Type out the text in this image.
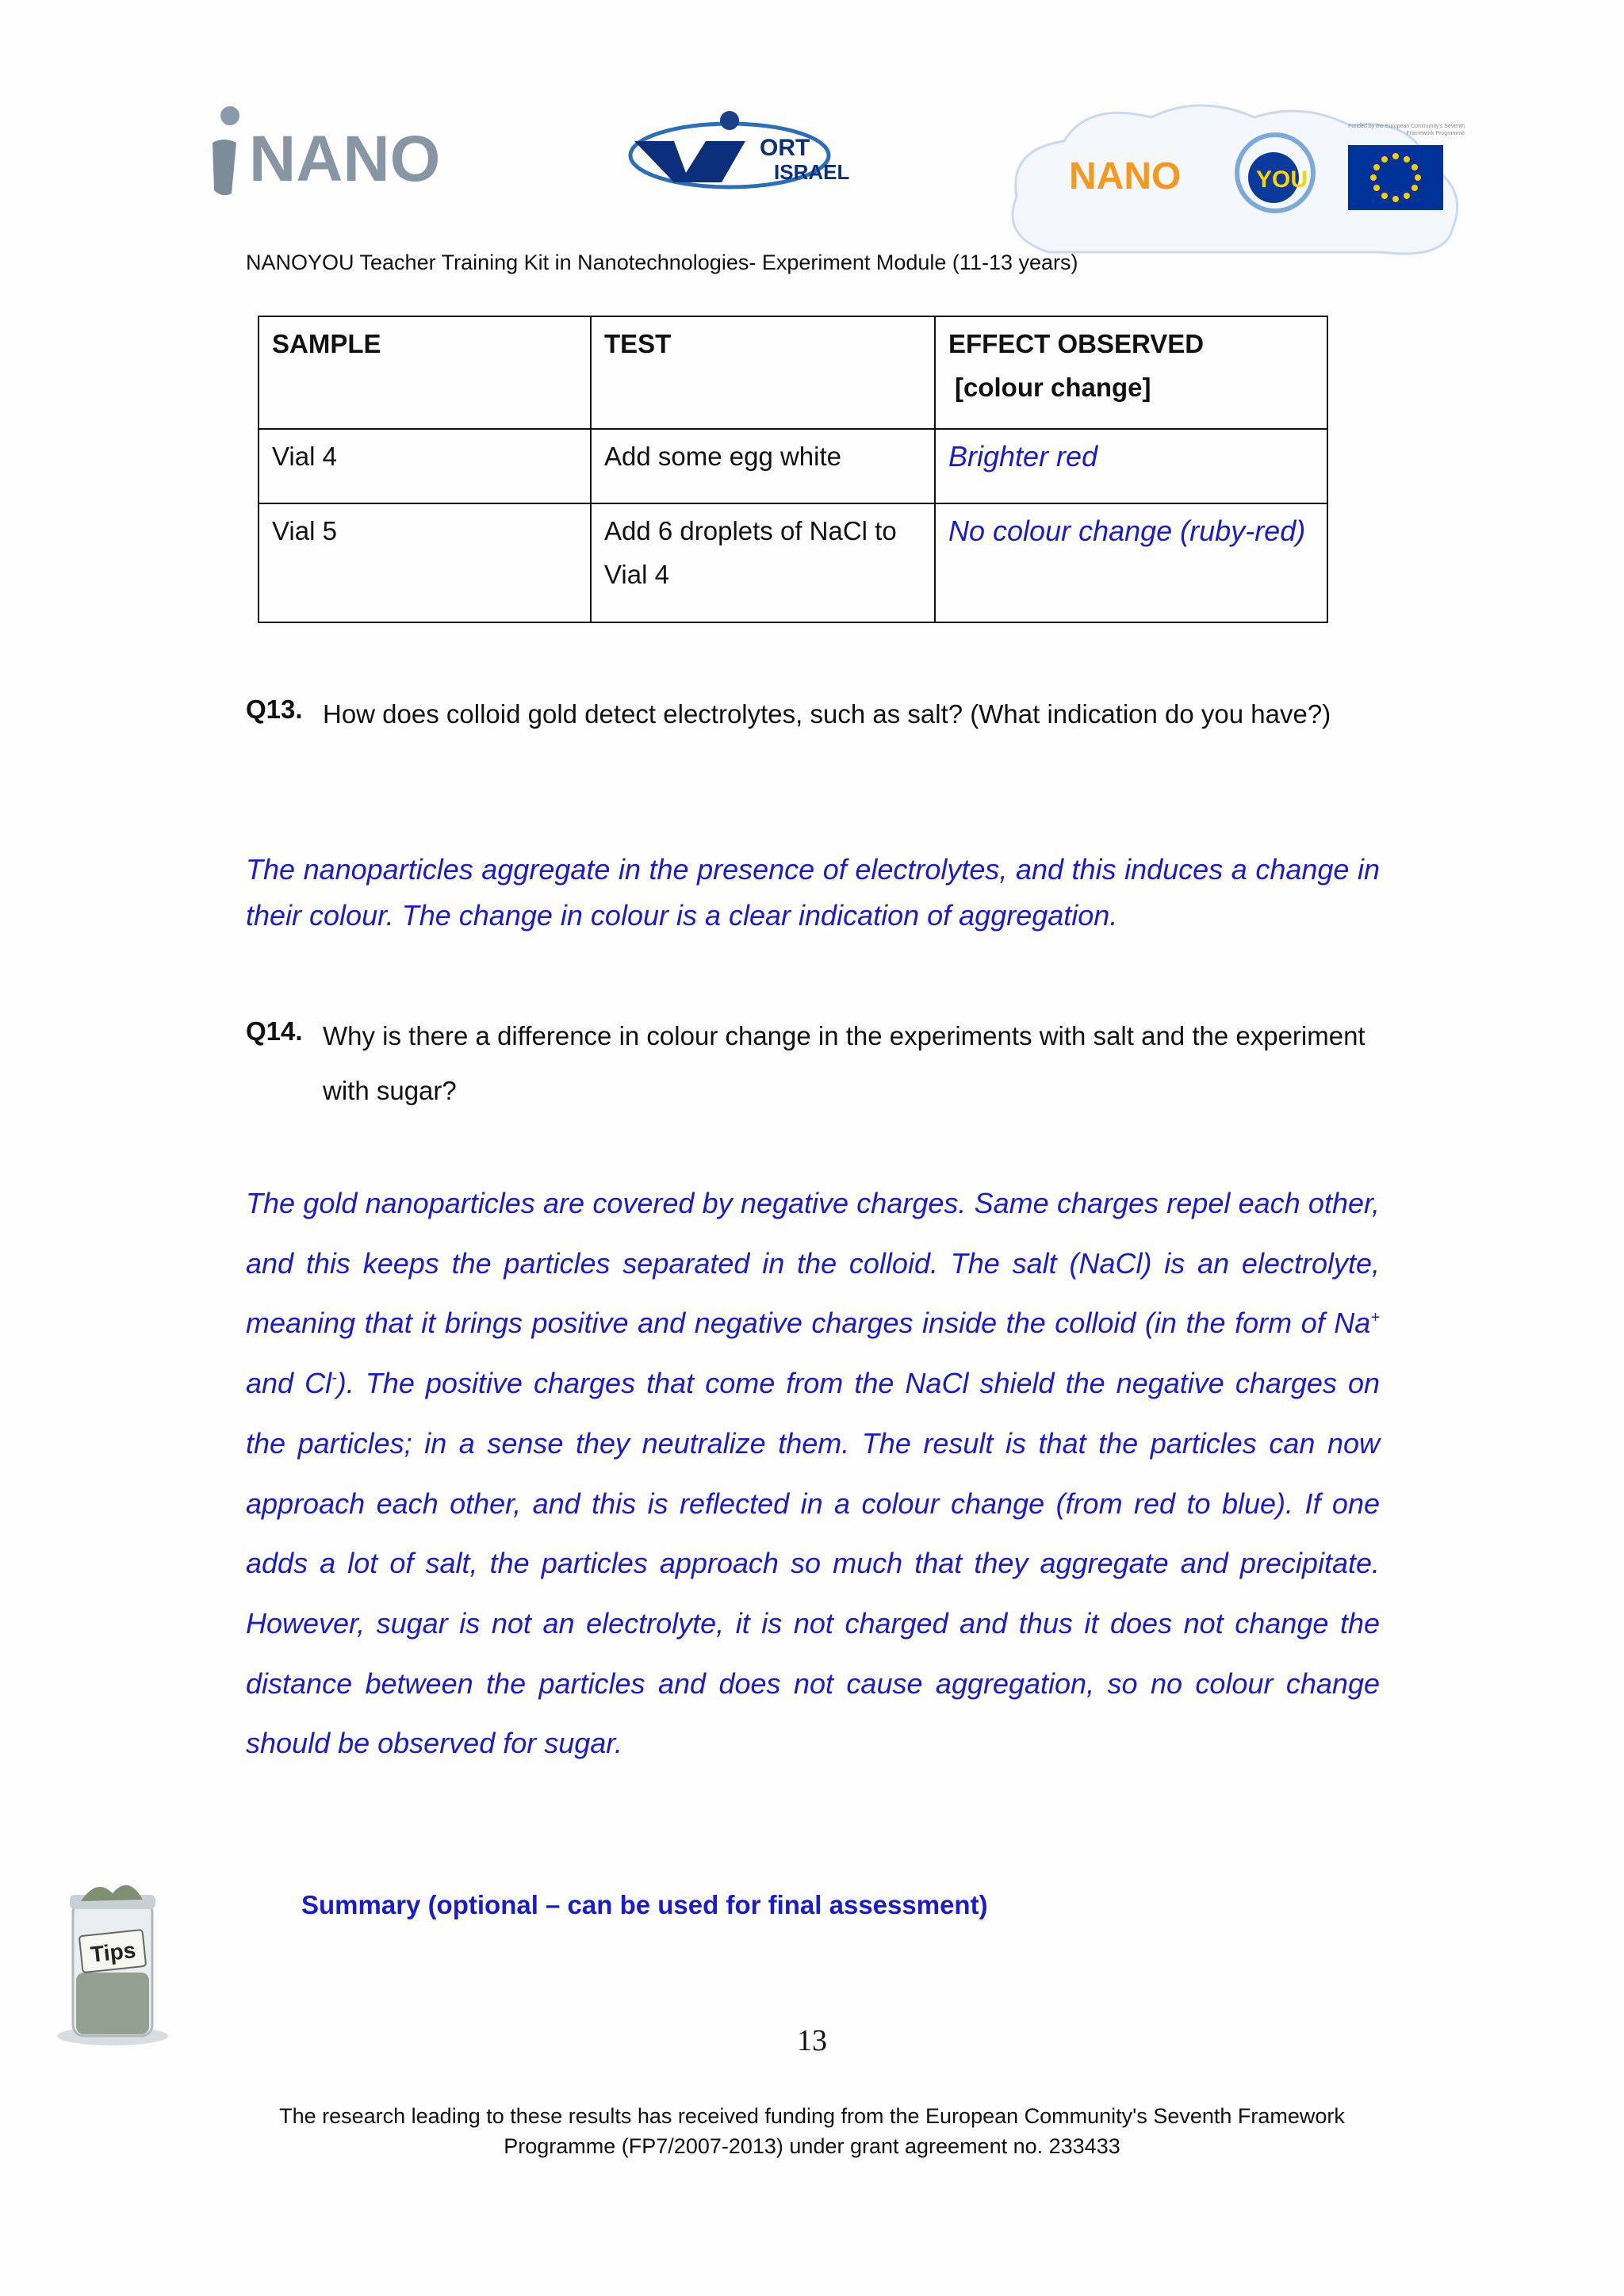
NANO	ORT
ISRAEL	NANO	YOU
Funded by the European Community's Seventh Framework Programme
NANOYOU Teacher Training Kit in Nanotechnologies- Experiment Module (11-13 years)
SAMPLE	TEST	EFFECT OBSERVED
[colour change]

Vial 4	Add some egg white	Brighter red
Vial 5	Add 6 droplets of NaCl to Vial 4	No colour change (ruby-red)
Q13. How does colloid gold detect electrolytes, such as salt? (What indication do you have?)
The nanoparticles aggregate in the presence of electrolytes, and this induces a change in their colour. The change in colour is a clear indication of aggregation.
Q14. Why is there a difference in colour change in the experiments with salt and the experiment with sugar?
The gold nanoparticles are covered by negative charges. Same charges repel each other, and this keeps the particles separated in the colloid. The salt (NaCl) is an electrolyte, meaning that it brings positive and negative charges inside the colloid (in the form of Na+ and Cl-). The positive charges that come from the NaCl shield the negative charges on the particles; in a sense they neutralize them. The result is that the particles can now approach each other, and this is reflected in a colour change (from red to blue). If one adds a lot of salt, the particles approach so much that they aggregate and precipitate. However, sugar is not an electrolyte, it is not charged and thus it does not change the distance between the particles and does not cause aggregation, so no colour change should be observed for sugar.
Tips
Summary (optional – can be used for final assessment)
13
The research leading to these results has received funding from the European Community's Seventh Framework
Programme (FP7/2007-2013) under grant agreement no. 233433
